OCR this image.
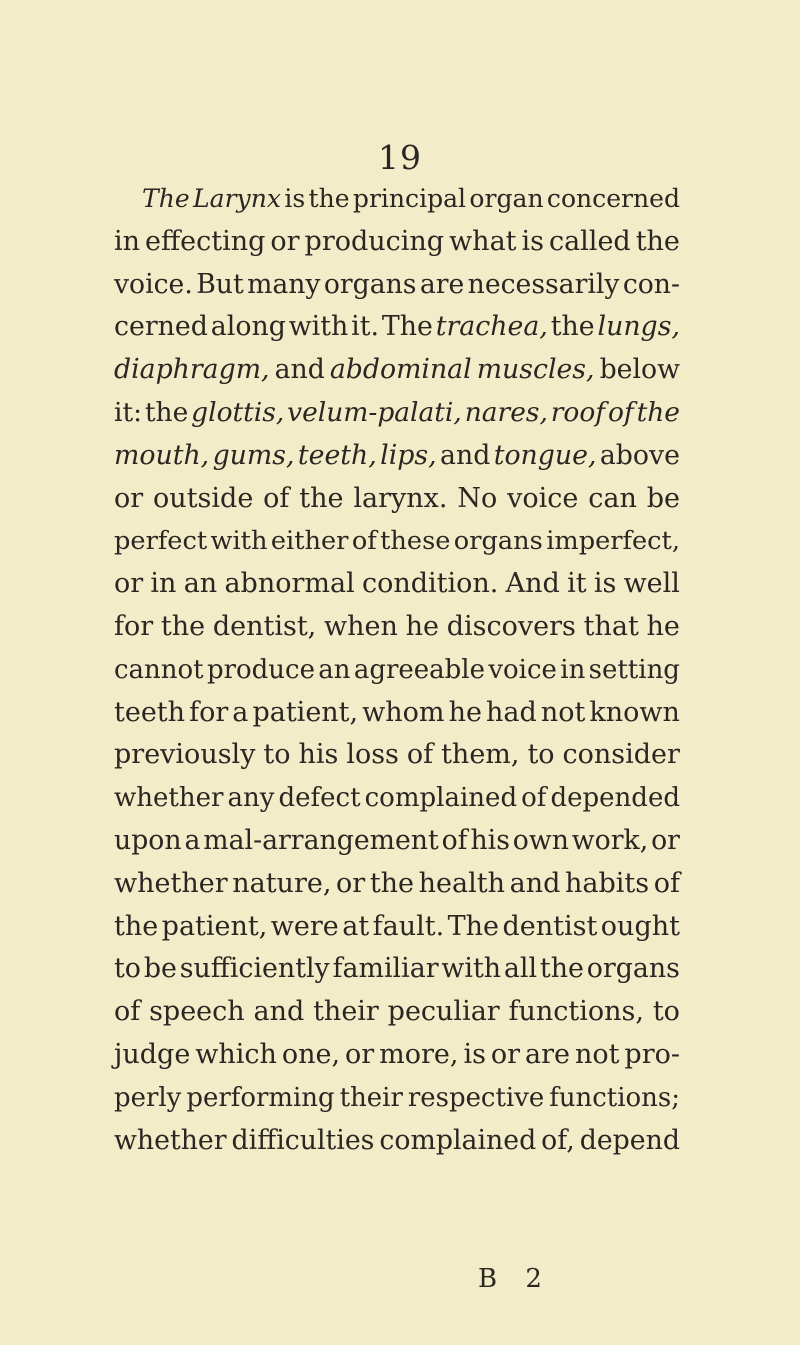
19
The Larynx is the principal organ concerned
in effecting or producing what is called the
voice. But many organs are necessarily con-
cerned along with it. The trachea, the lungs,
diaphragm, and abdominal muscles, below
it: the glottis, velum-palati, nares, roof of the
mouth, gums, teeth, lips, and tongue, above
or outside of the larynx. No voice can be
perfect with either of these organs imperfect,
or in an abnormal condition. And it is well
for the dentist, when he discovers that he
cannot produce an agreeable voice in setting
teeth for a patient, whom he had not known
previously to his loss of them, to consider
whether any defect complained of depended
upon a mal-arrangement of his own work, or
whether nature, or the health and habits of
the patient, were at fault. The dentist ought
to be sufficiently familiar with all the organs
of speech and their peculiar functions, to
judge which one, or more, is or are not pro-
perly performing their respective functions;
whether difficulties complained of, depend
B 2
